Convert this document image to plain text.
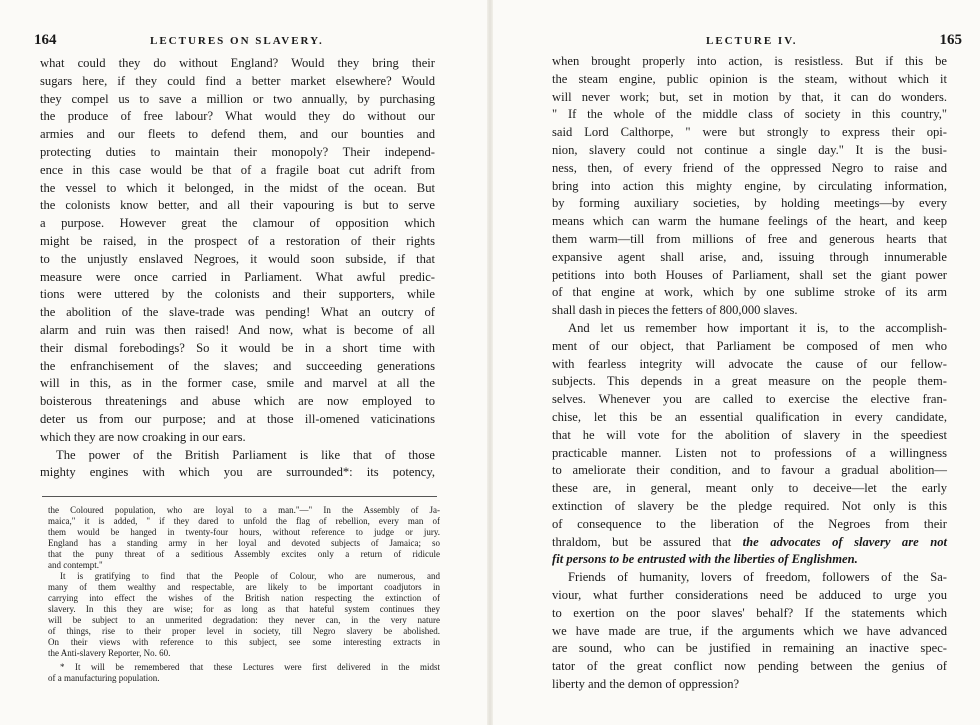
164	LECTURES ON SLAVERY.
what could they do without England? Would they bring their
sugars here, if they could find a better market elsewhere? Would
they compel us to save a million or two annually, by purchasing
the produce of free labour? What would they do without our
armies and our fleets to defend them, and our bounties and
protecting duties to maintain their monopoly? Their independ-
ence in this case would be that of a fragile boat cut adrift from
the vessel to which it belonged, in the midst of the ocean. But
the colonists know better, and all their vapouring is but to serve
a purpose. However great the clamour of opposition which
might be raised, in the prospect of a restoration of their rights
to the unjustly enslaved Negroes, it would soon subside, if that
measure were once carried in Parliament. What awful predic-
tions were uttered by the colonists and their supporters, while
the abolition of the slave-trade was pending! What an outcry of
alarm and ruin was then raised! And now, what is become of all
their dismal forebodings? So it would be in a short time with
the enfranchisement of the slaves; and succeeding generations
will in this, as in the former case, smile and marvel at all the
boisterous threatenings and abuse which are now employed to
deter us from our purpose; and at those ill-omened vaticinations
which they are now croaking in our ears.
The power of the British Parliament is like that of those
mighty engines with which you are surrounded*: its potency,
the Coloured population, who are loyal to a man."—" In the Assembly of Ja-
maica," it is added, " if they dared to unfold the flag of rebellion, every man of
them would be hanged in twenty-four hours, without reference to judge or jury.
England has a standing army in her loyal and devoted subjects of Jamaica; so
that the puny threat of a seditious Assembly excites only a return of ridicule
and contempt."
It is gratifying to find that the People of Colour, who are numerous, and
many of them wealthy and respectable, are likely to be important coadjutors in
carrying into effect the wishes of the British nation respecting the extinction of
slavery. In this they are wise; for as long as that hateful system continues they
will be subject to an unmerited degradation: they never can, in the very nature
of things, rise to their proper level in society, till Negro slavery be abolished.
On their views with reference to this subject, see some interesting extracts in
the Anti-slavery Reporter, No. 60.
* It will be remembered that these Lectures were first delivered in the midst
of a manufacturing population.
LECTURE IV.	165
when brought properly into action, is resistless. But if this be
the steam engine, public opinion is the steam, without which it
will never work; but, set in motion by that, it can do wonders.
" If the whole of the middle class of society in this country,"
said Lord Calthorpe, " were but strongly to express their opi-
nion, slavery could not continue a single day." It is the busi-
ness, then, of every friend of the oppressed Negro to raise and
bring into action this mighty engine, by circulating information,
by forming auxiliary societies, by holding meetings—by every
means which can warm the humane feelings of the heart, and keep
them warm—till from millions of free and generous hearts that
expansive agent shall arise, and, issuing through innumerable
petitions into both Houses of Parliament, shall set the giant power
of that engine at work, which by one sublime stroke of its arm
shall dash in pieces the fetters of 800,000 slaves.
And let us remember how important it is, to the accomplish-
ment of our object, that Parliament be composed of men who
with fearless integrity will advocate the cause of our fellow-
subjects. This depends in a great measure on the people them-
selves. Whenever you are called to exercise the elective fran-
chise, let this be an essential qualification in every candidate,
that he will vote for the abolition of slavery in the speediest
practicable manner. Listen not to professions of a willingness
to ameliorate their condition, and to favour a gradual abolition—
these are, in general, meant only to deceive—let the early
extinction of slavery be the pledge required. Not only is this
of consequence to the liberation of the Negroes from their
thraldom, but be assured that the advocates of slavery are not
fit persons to be entrusted with the liberties of Englishmen.
Friends of humanity, lovers of freedom, followers of the Sa-
viour, what further considerations need be adduced to urge you
to exertion on the poor slaves' behalf? If the statements which
we have made are true, if the arguments which we have advanced
are sound, who can be justified in remaining an inactive spec-
tator of the great conflict now pending between the genius of
liberty and the demon of oppression?
